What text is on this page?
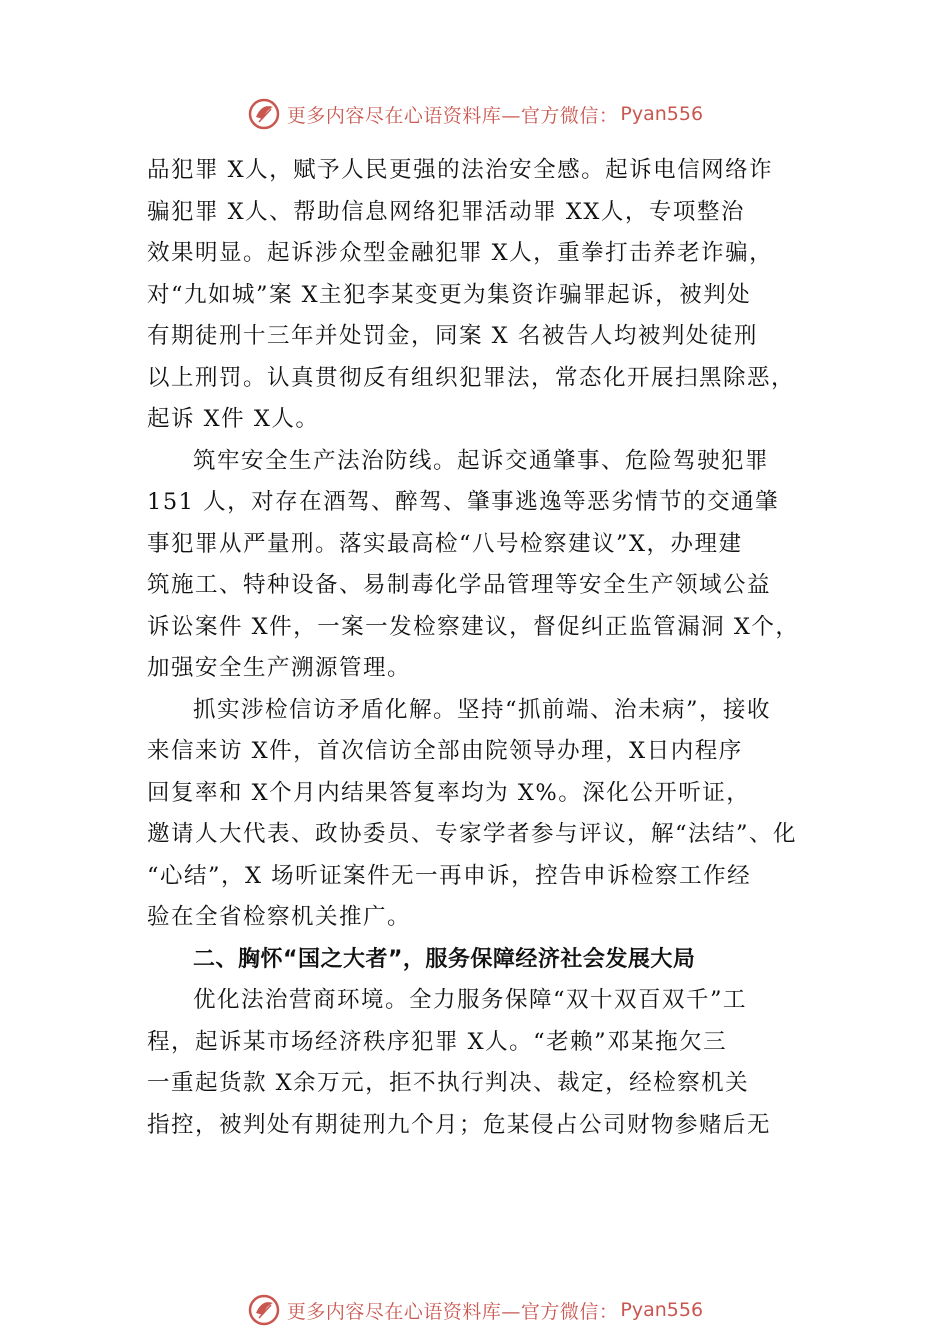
更多内容尽在心语资料库—官方微信： Pyan556
品犯罪 X人，赋予人民更强的法治安全感。起诉电信网络诈
骗犯罪 X人、帮助信息网络犯罪活动罪 XX人，专项整治
效果明显。起诉涉众型金融犯罪 X人，重拳打击养老诈骗，
对“九如城”案 X主犯李某变更为集资诈骗罪起诉，被判处
有期徒刑十三年并处罚金，同案 X 名被告人均被判处徒刑
以上刑罚。认真贯彻反有组织犯罪法，常态化开展扫黑除恶，
起诉 X件 X人。
筑牢安全生产法治防线。起诉交通肇事、危险驾驶犯罪
151 人，对存在酒驾、醉驾、肇事逃逸等恶劣情节的交通肇
事犯罪从严量刑。落实最高检“八号检察建议”X，办理建
筑施工、特种设备、易制毒化学品管理等安全生产领域公益
诉讼案件 X件，一案一发检察建议，督促纠正监管漏洞 X个，
加强安全生产溯源管理。
抓实涉检信访矛盾化解。坚持“抓前端、治未病”，接收
来信来访 X件，首次信访全部由院领导办理，X日内程序
回复率和 X个月内结果答复率均为 X%。深化公开听证，
邀请人大代表、政协委员、专家学者参与评议，解“法结”、化
“心结”，X 场听证案件无一再申诉，控告申诉检察工作经
验在全省检察机关推广。
二、胸怀“国之大者”，服务保障经济社会发展大局
优化法治营商环境。全力服务保障“双十双百双千”工
程，起诉某市场经济秩序犯罪 X人。“老赖”邓某拖欠三
一重起货款 X余万元，拒不执行判决、裁定，经检察机关
指控，被判处有期徒刑九个月；危某侵占公司财物参赌后无
更多内容尽在心语资料库—官方微信： Pyan556
